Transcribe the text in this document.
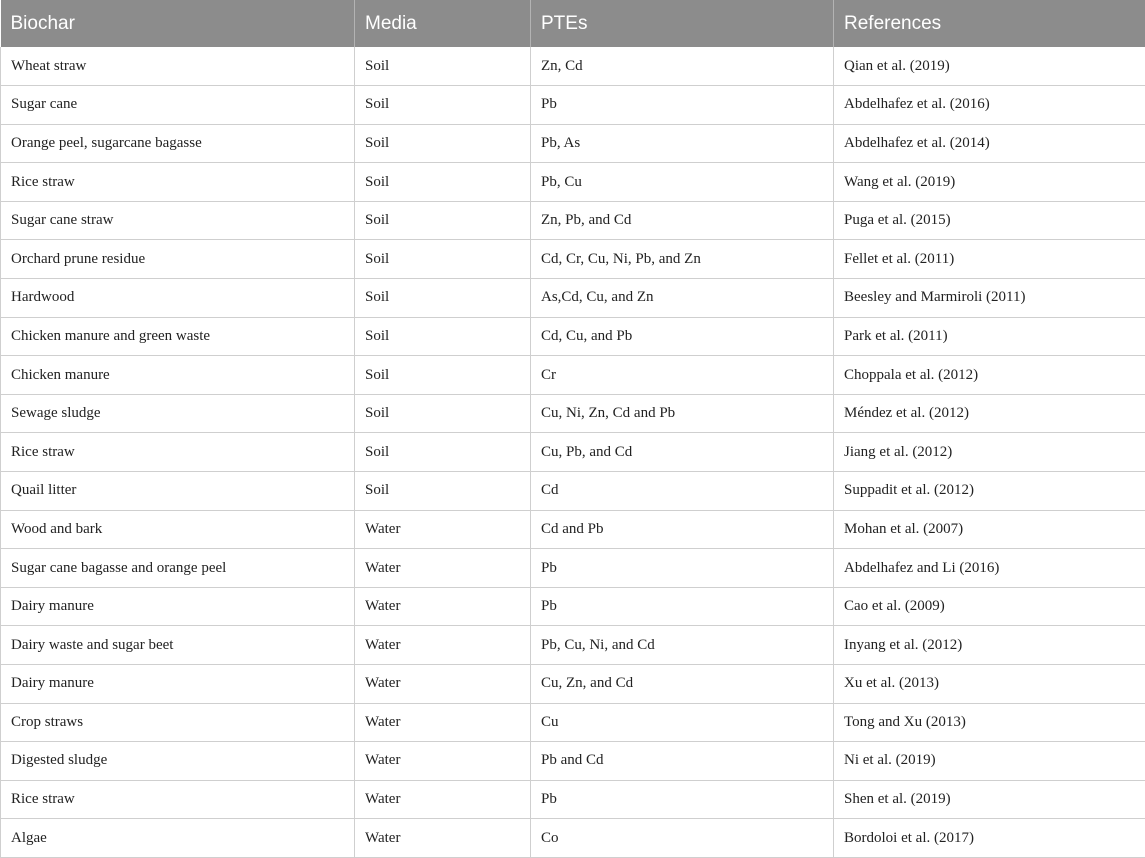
Biochar	Media	PTEs	References
Wheat straw	Soil	Zn, Cd	Qian et al. (2019)
Sugar cane	Soil	Pb	Abdelhafez et al. (2016)
Orange peel, sugarcane bagasse	Soil	Pb, As	Abdelhafez et al. (2014)
Rice straw	Soil	Pb, Cu	Wang et al. (2019)
Sugar cane straw	Soil	Zn, Pb, and Cd	Puga et al. (2015)
Orchard prune residue	Soil	Cd, Cr, Cu, Ni, Pb, and Zn	Fellet et al. (2011)
Hardwood	Soil	As,Cd, Cu, and Zn	Beesley and Marmiroli (2011)
Chicken manure and green waste	Soil	Cd, Cu, and Pb	Park et al. (2011)
Chicken manure	Soil	Cr	Choppala et al. (2012)
Sewage sludge	Soil	Cu, Ni, Zn, Cd and Pb	Méndez et al. (2012)
Rice straw	Soil	Cu, Pb, and Cd	Jiang et al. (2012)
Quail litter	Soil	Cd	Suppadit et al. (2012)
Wood and bark	Water	Cd and Pb	Mohan et al. (2007)
Sugar cane bagasse and orange peel	Water	Pb	Abdelhafez and Li (2016)
Dairy manure	Water	Pb	Cao et al. (2009)
Dairy waste and sugar beet	Water	Pb, Cu, Ni, and Cd	Inyang et al. (2012)
Dairy manure	Water	Cu, Zn, and Cd	Xu et al. (2013)
Crop straws	Water	Cu	Tong and Xu (2013)
Digested sludge	Water	Pb and Cd	Ni et al. (2019)
Rice straw	Water	Pb	Shen et al. (2019)
Algae	Water	Co	Bordoloi et al. (2017)
